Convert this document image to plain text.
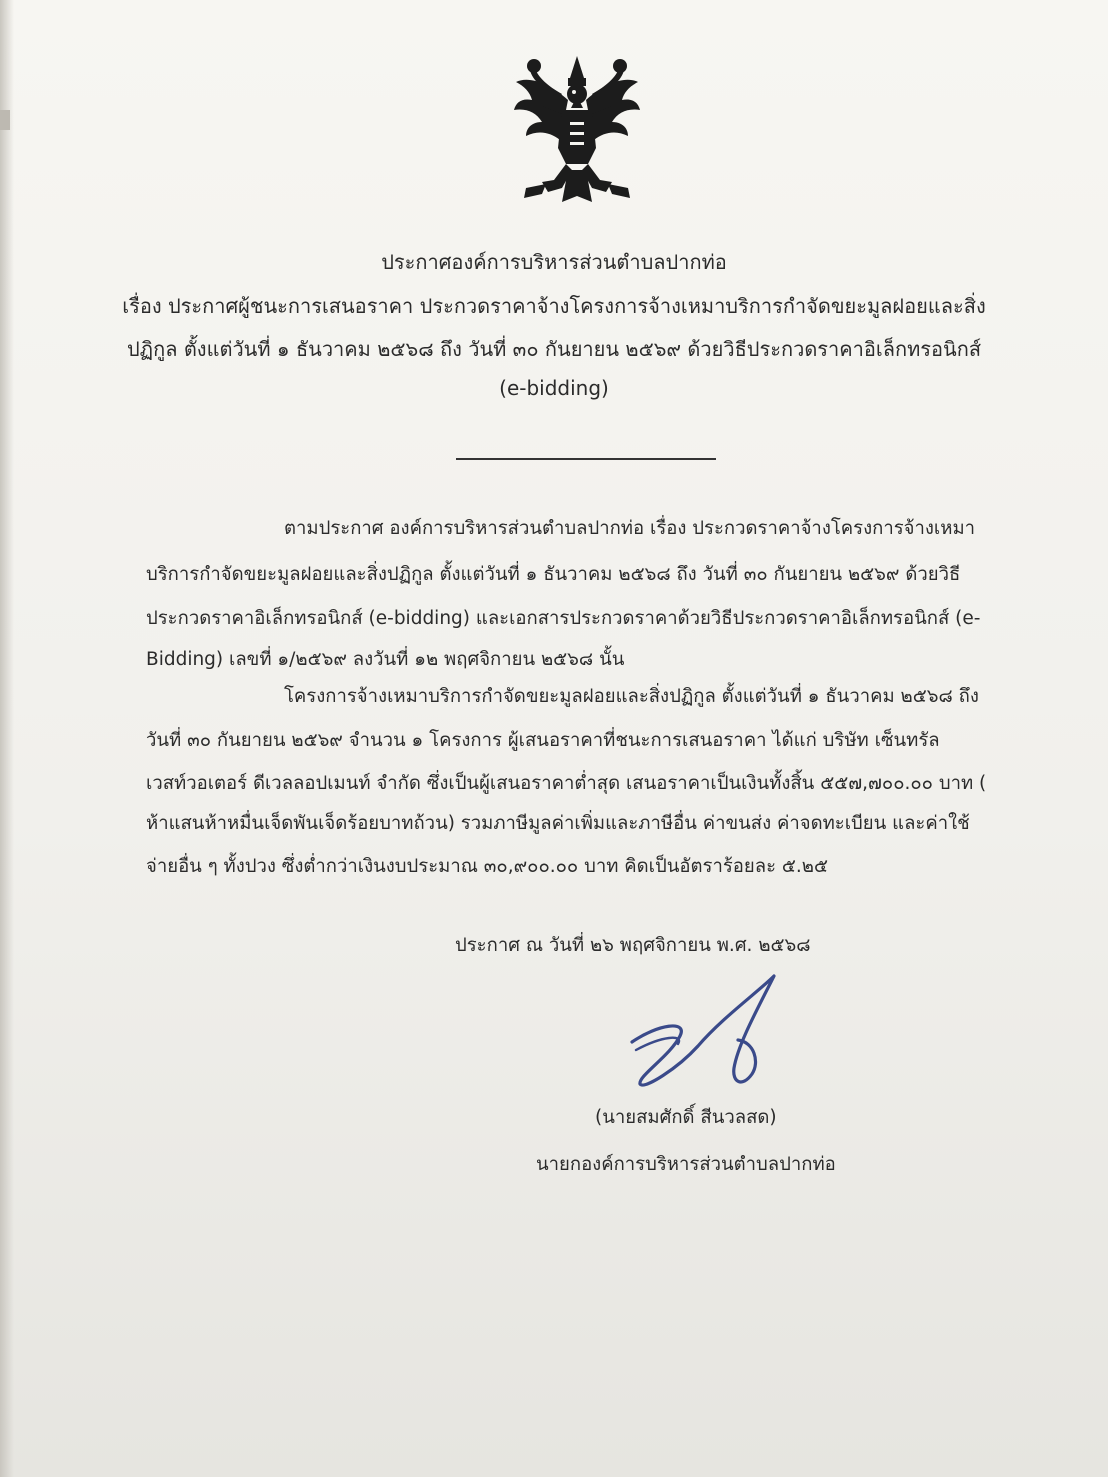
ประกาศองค์การบริหารส่วนตำบลปากท่อ

เรื่อง ประกาศผู้ชนะการเสนอราคา ประกวดราคาจ้างโครงการจ้างเหมาบริการกำจัดขยะมูลฝอยและสิ่ง

ปฏิกูล ตั้งแต่วันที่ ๑ ธันวาคม ๒๕๖๘ ถึง วันที่ ๓๐ กันยายน ๒๕๖๙ ด้วยวิธีประกวดราคาอิเล็กทรอนิกส์

(e-bidding)

ตามประกาศ องค์การบริหารส่วนตำบลปากท่อ เรื่อง ประกวดราคาจ้างโครงการจ้างเหมา

บริการกำจัดขยะมูลฝอยและสิ่งปฏิกูล ตั้งแต่วันที่ ๑ ธันวาคม ๒๕๖๘ ถึง วันที่ ๓๐ กันยายน ๒๕๖๙ ด้วยวิธี

ประกวดราคาอิเล็กทรอนิกส์ (e-bidding) และเอกสารประกวดราคาด้วยวิธีประกวดราคาอิเล็กทรอนิกส์ (e-

Bidding) เลขที่ ๑/๒๕๖๙ ลงวันที่ ๑๒ พฤศจิกายน ๒๕๖๘ นั้น

โครงการจ้างเหมาบริการกำจัดขยะมูลฝอยและสิ่งปฏิกูล ตั้งแต่วันที่ ๑ ธันวาคม ๒๕๖๘ ถึง

วันที่ ๓๐ กันยายน ๒๕๖๙ จำนวน ๑ โครงการ ผู้เสนอราคาที่ชนะการเสนอราคา ได้แก่ บริษัท เซ็นทรัล

เวสท์วอเตอร์ ดีเวลลอปเมนท์ จำกัด ซึ่งเป็นผู้เสนอราคาต่ำสุด เสนอราคาเป็นเงินทั้งสิ้น ๕๕๗,๗๐๐.๐๐ บาท (

ห้าแสนห้าหมื่นเจ็ดพันเจ็ดร้อยบาทถ้วน) รวมภาษีมูลค่าเพิ่มและภาษีอื่น ค่าขนส่ง ค่าจดทะเบียน และค่าใช้

จ่ายอื่น ๆ ทั้งปวง ซึ่งต่ำกว่าเงินงบประมาณ ๓๐,๙๐๐.๐๐ บาท คิดเป็นอัตราร้อยละ ๕.๒๕

ประกาศ ณ วันที่ ๒๖ พฤศจิกายน พ.ศ. ๒๕๖๘

(นายสมศักดิ์ สีนวลสด)

นายกองค์การบริหารส่วนตำบลปากท่อ
